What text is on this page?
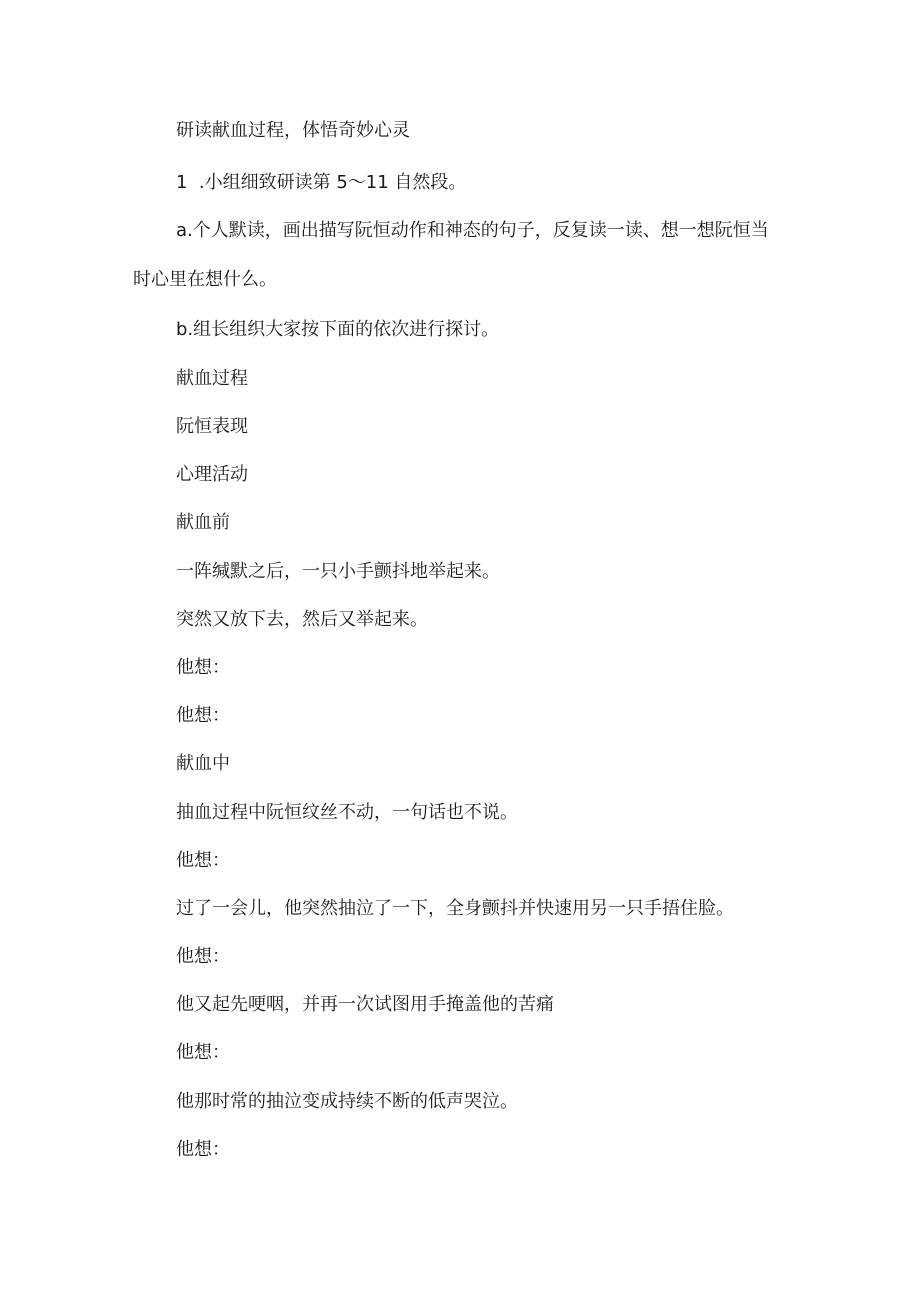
研读献血过程，体悟奇妙心灵

1  .小组细致研读第 5～11 自然段。

a.个人默读，画出描写阮恒动作和神态的句子，反复读一读、想一想阮恒当

时心里在想什么。

b.组长组织大家按下面的依次进行探讨。

献血过程

阮恒表现

心理活动

献血前

一阵缄默之后，一只小手颤抖地举起来。

突然又放下去，然后又举起来。

他想：

他想：

献血中

抽血过程中阮恒纹丝不动，一句话也不说。

他想：

过了一会儿，他突然抽泣了一下，全身颤抖并快速用另一只手捂住脸。

他想：

他又起先哽咽，并再一次试图用手掩盖他的苦痛

他想：

他那时常的抽泣变成持续不断的低声哭泣。

他想：
